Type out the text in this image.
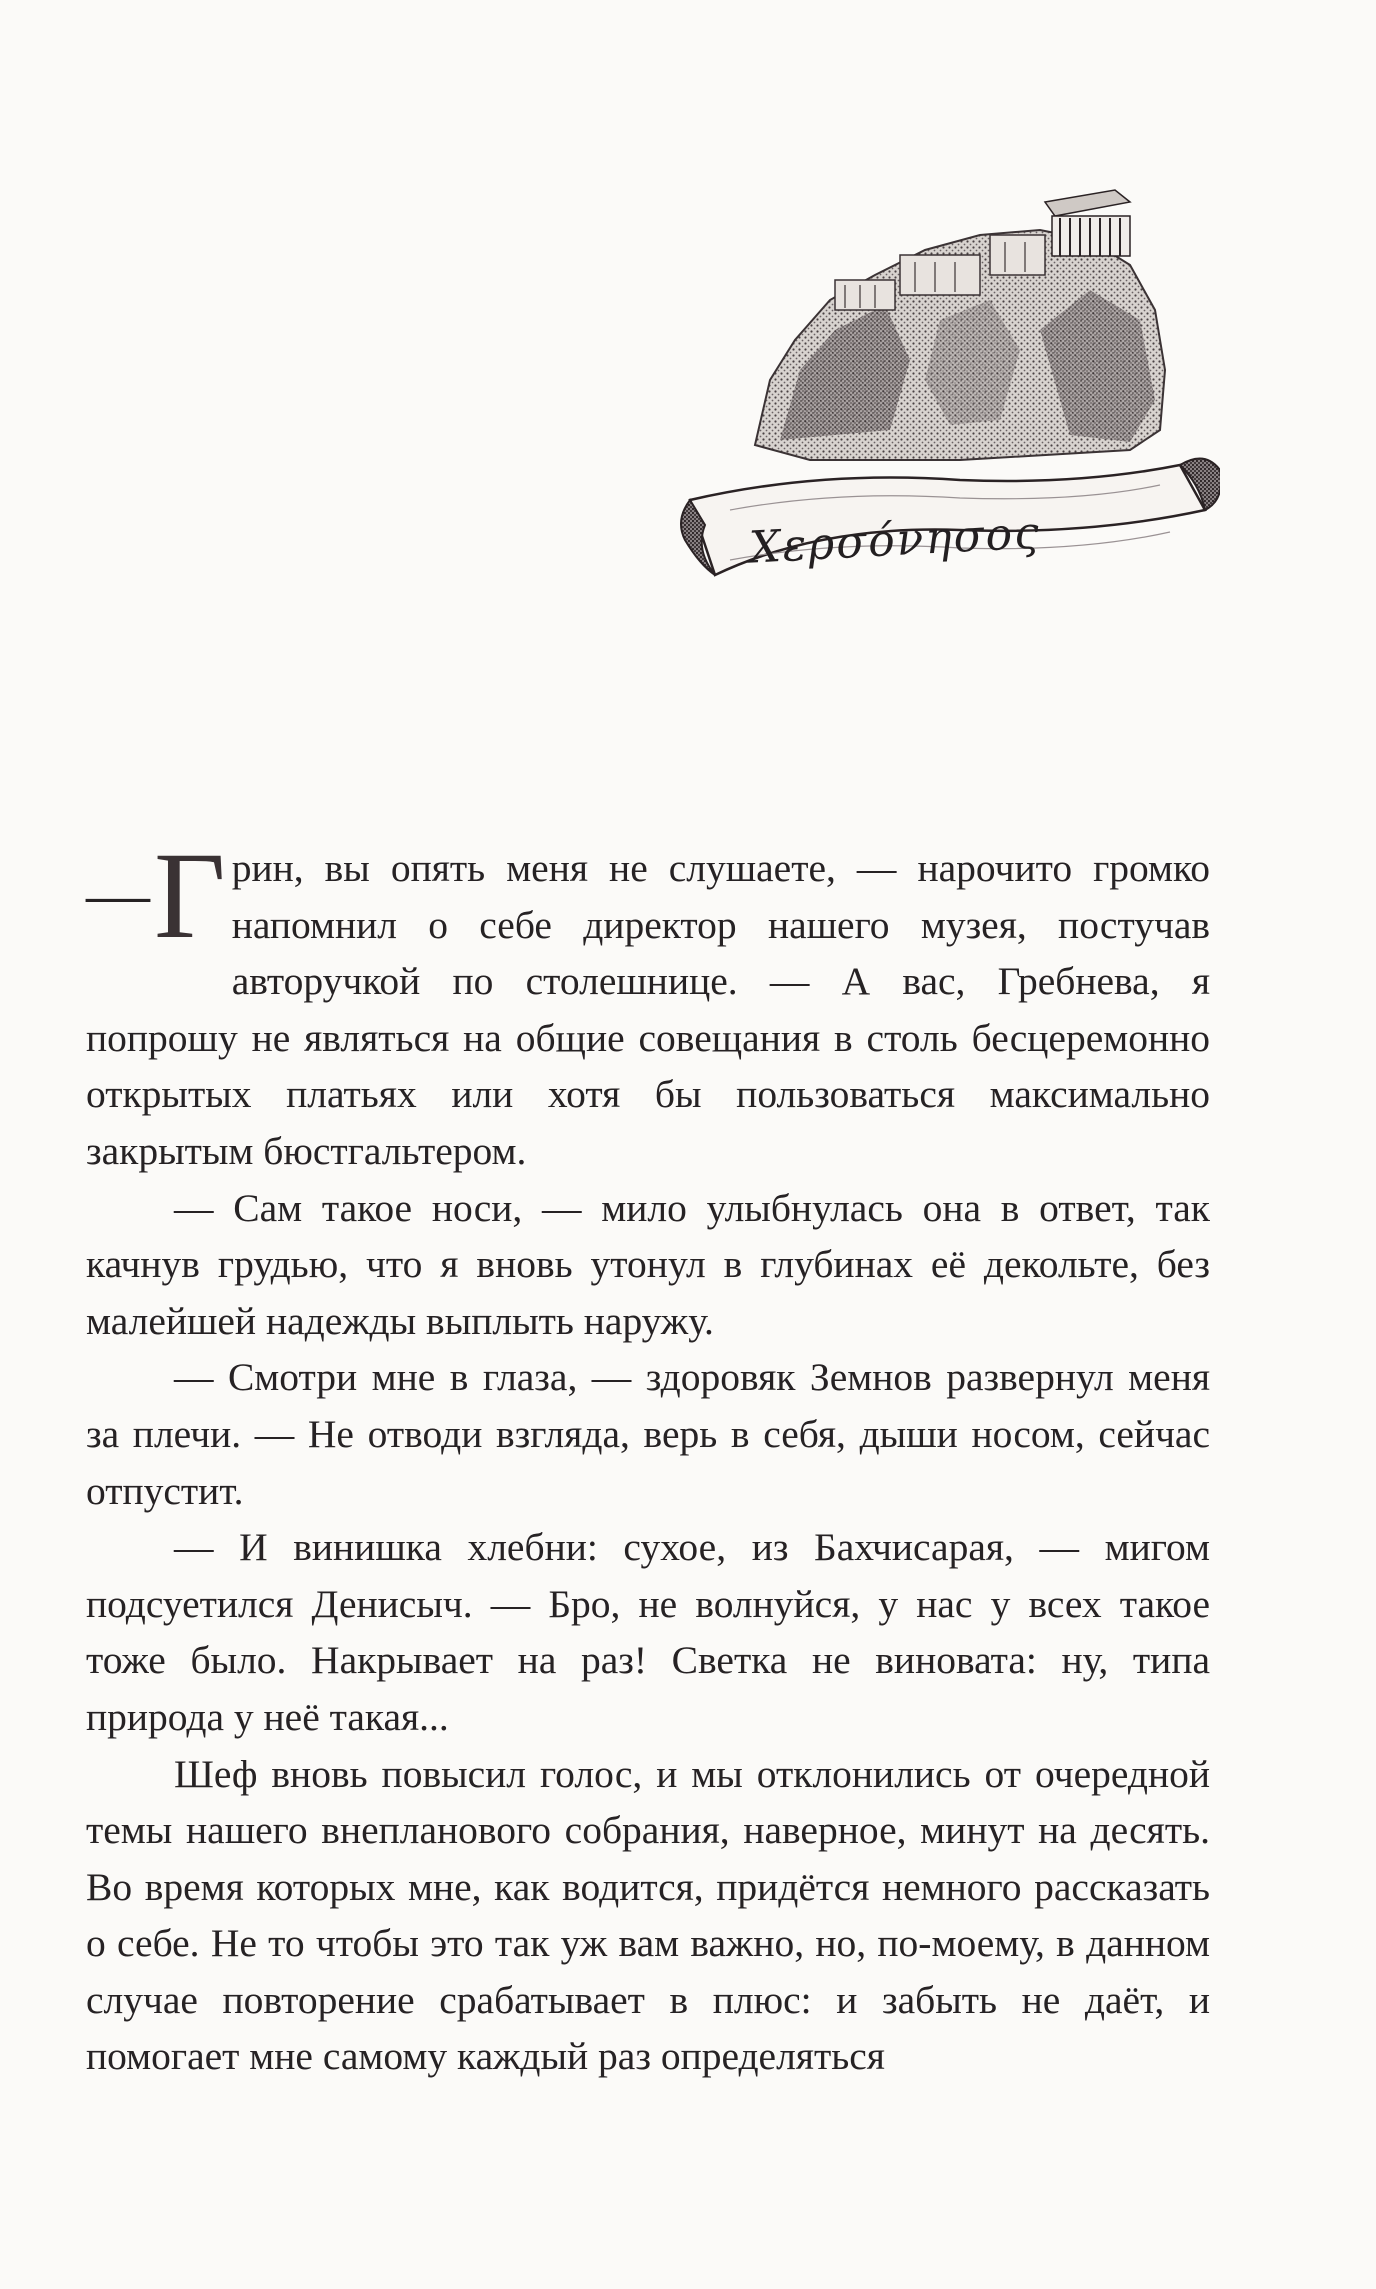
Χερσόνησος

— Г рин, вы опять меня не слушаете, — нарочито громко напомнил о себе директор нашего музея, постучав авторучкой по столешнице. — А вас, Гребнева, я попрошу не являться на общие совещания в столь бесцеремонно открытых платьях или хотя бы пользоваться максимально закрытым бюстгальтером.

— Сам такое носи, — мило улыбнулась она в ответ, так качнув грудью, что я вновь утонул в глубинах её декольте, без малейшей надежды выплыть наружу.

— Смотри мне в глаза, — здоровяк Земнов развернул меня за плечи. — Не отводи взгляда, верь в себя, дыши носом, сейчас отпустит.

— И винишка хлебни: сухое, из Бахчисарая, — мигом подсуетился Денисыч. — Бро, не волнуйся, у нас у всех такое тоже было. Накрывает на раз! Светка не виновата: ну, типа природа у неё такая...

Шеф вновь повысил голос, и мы отклонились от очередной темы нашего внепланового собрания, наверное, минут на десять. Во время которых мне, как водится, придётся немного рассказать о себе. Не то чтобы это так уж вам важно, но, по-моему, в данном случае повторение срабатывает в плюс: и забыть не даёт, и помогает мне самому каждый раз определяться
